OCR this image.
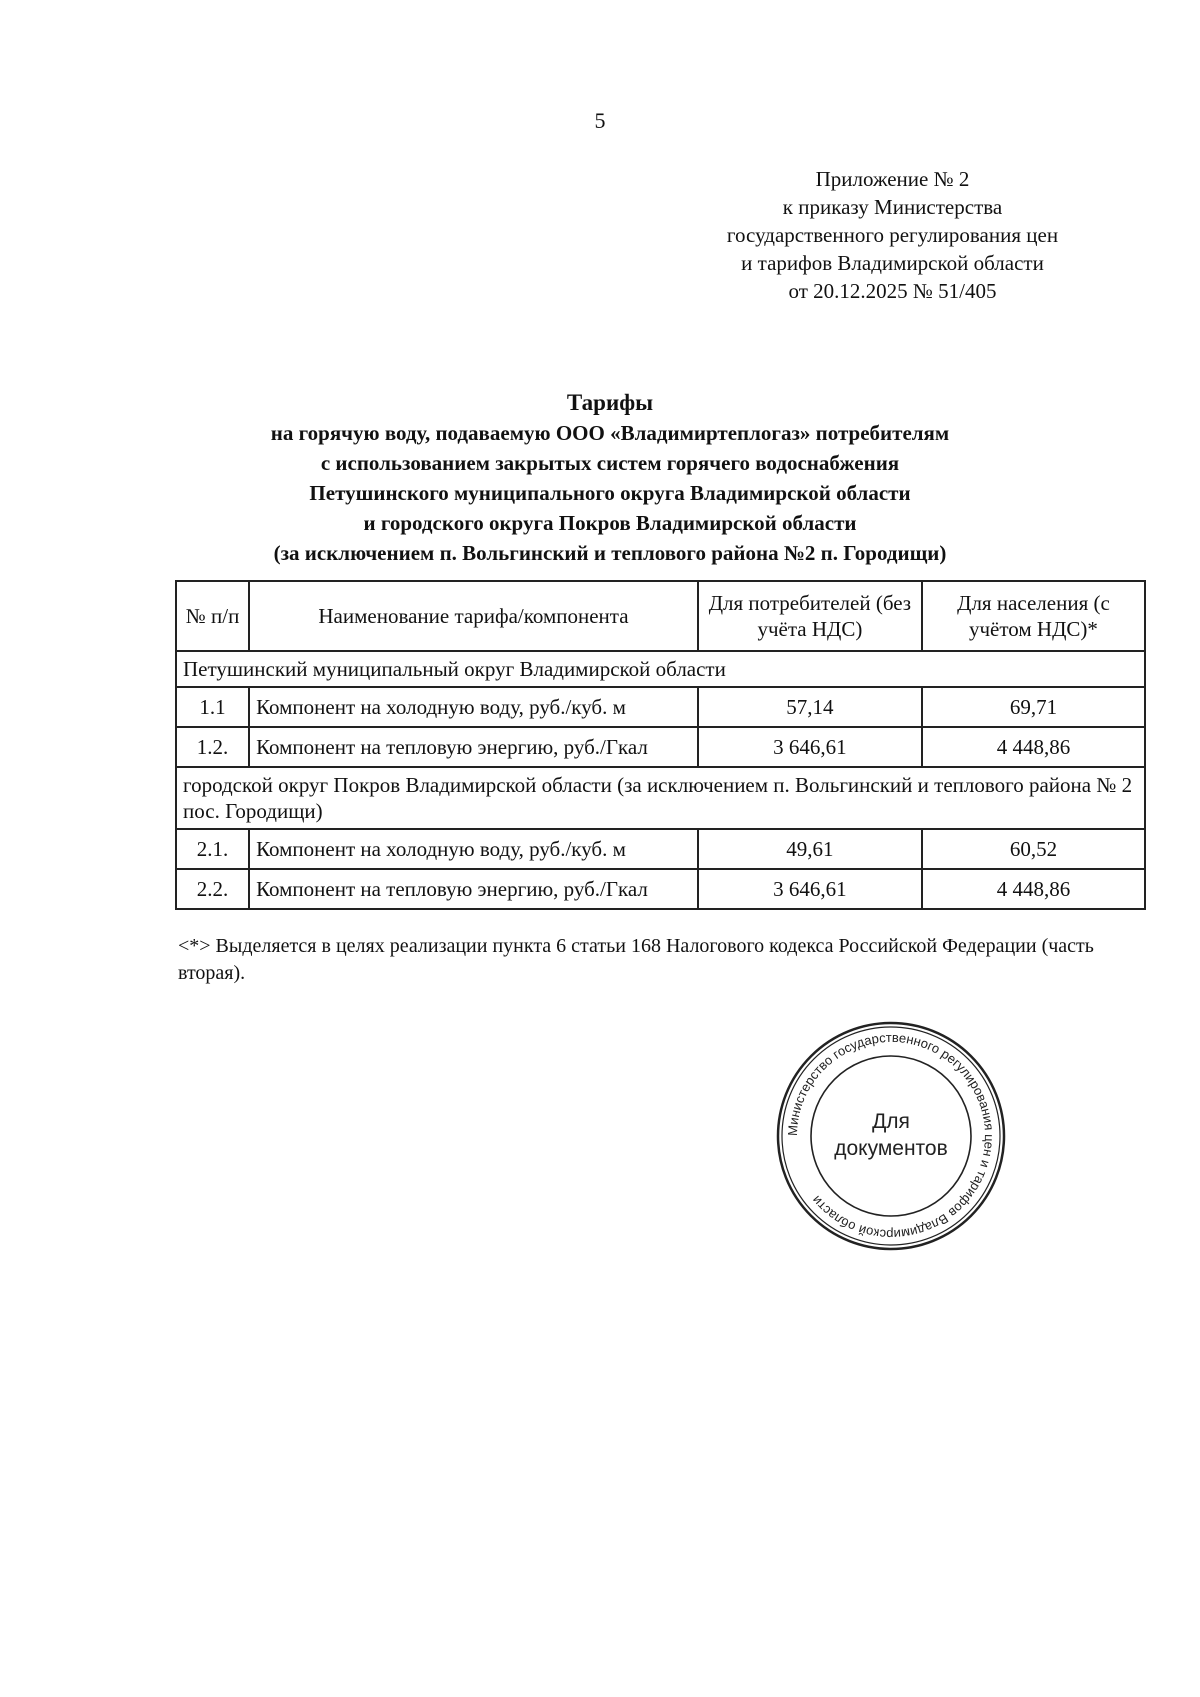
5
Приложение № 2
к приказу Министерства
государственного регулирования цен
и тарифов Владимирской области
от 20.12.2025 № 51/405
Тарифы
на горячую воду, подаваемую ООО «Владимиртеплогаз» потребителям
с использованием закрытых систем горячего водоснабжения
Петушинского муниципального округа Владимирской области
и городского округа Покров Владимирской области
(за исключением п. Вольгинский и теплового района №2 п. Городищи)
№ п/п	Наименование тарифа/компонента	Для потребителей (без учёта НДС)	Для населения (с учётом НДС)*
Петушинский муниципальный округ Владимирской области			
1.1	Компонент на холодную воду, руб./куб. м	57,14	69,71
1.2.	Компонент на тепловую энергию, руб./Гкал	3 646,61	4 448,86
городской округ Покров Владимирской области (за исключением п. Вольгинский и теплового района № 2 пос. Городищи)			
2.1.	Компонент на холодную воду, руб./куб. м	49,61	60,52
2.2.	Компонент на тепловую энергию, руб./Гкал	3 646,61	4 448,86
<*> Выделяется в целях реализации пункта 6 статьи 168 Налогового кодекса Российской Федерации (часть вторая).
Министерство государственного регулирования цен и тарифов Владимирской области
Для
документов
